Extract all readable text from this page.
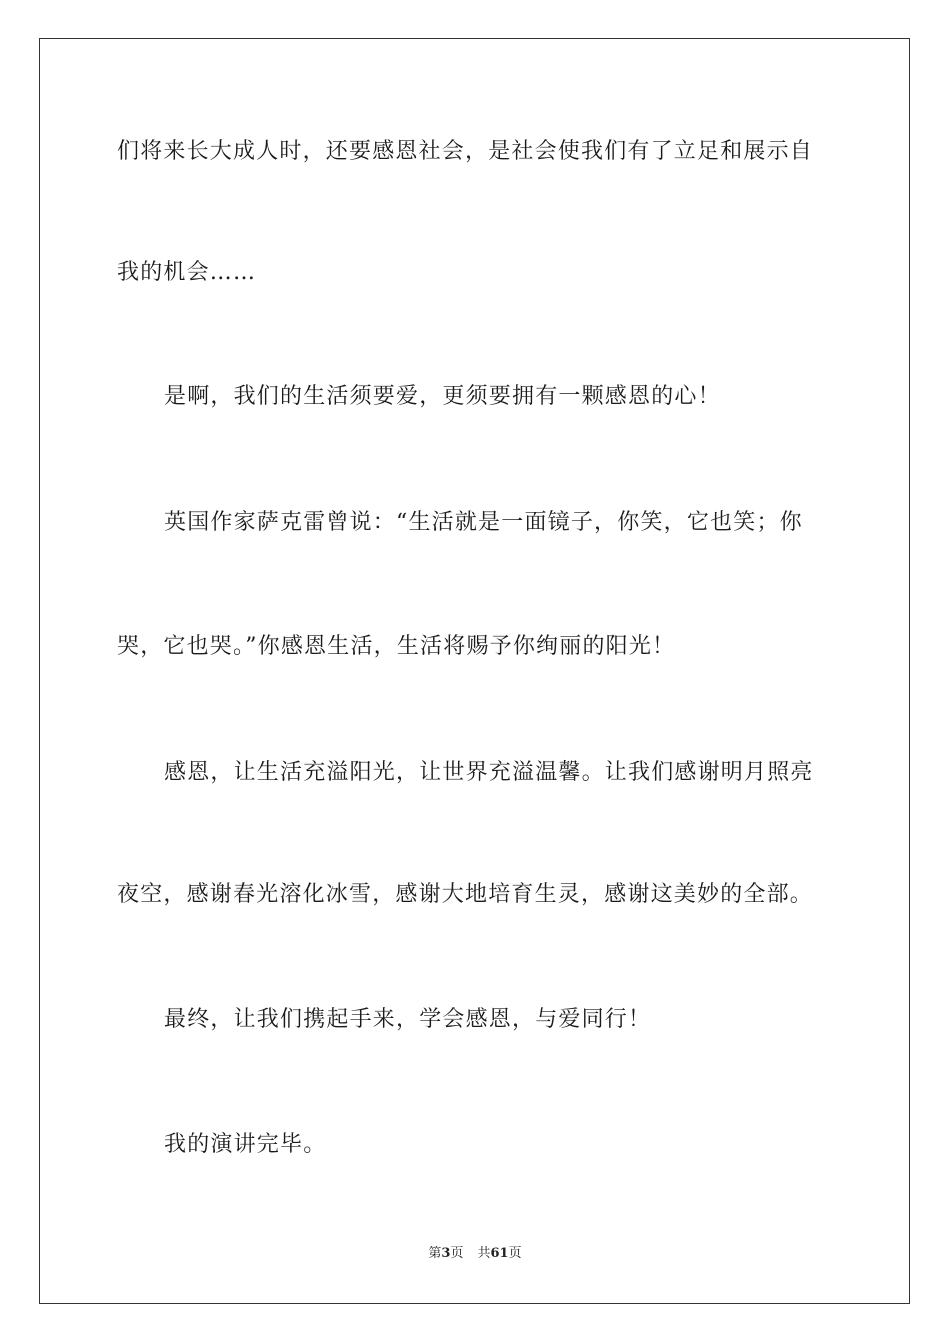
们将来长大成人时，还要感恩社会，是社会使我们有了立足和展示自
我的机会……
是啊，我们的生活须要爱，更须要拥有一颗感恩的心！
英国作家萨克雷曾说：“生活就是一面镜子，你笑，它也笑；你
哭，它也哭。”你感恩生活，生活将赐予你绚丽的阳光！
感恩，让生活充溢阳光，让世界充溢温馨。让我们感谢明月照亮
夜空，感谢春光溶化冰雪，感谢大地培育生灵，感谢这美妙的全部。
最终，让我们携起手来，学会感恩，与爱同行！
我的演讲完毕。
第3页 共61页
